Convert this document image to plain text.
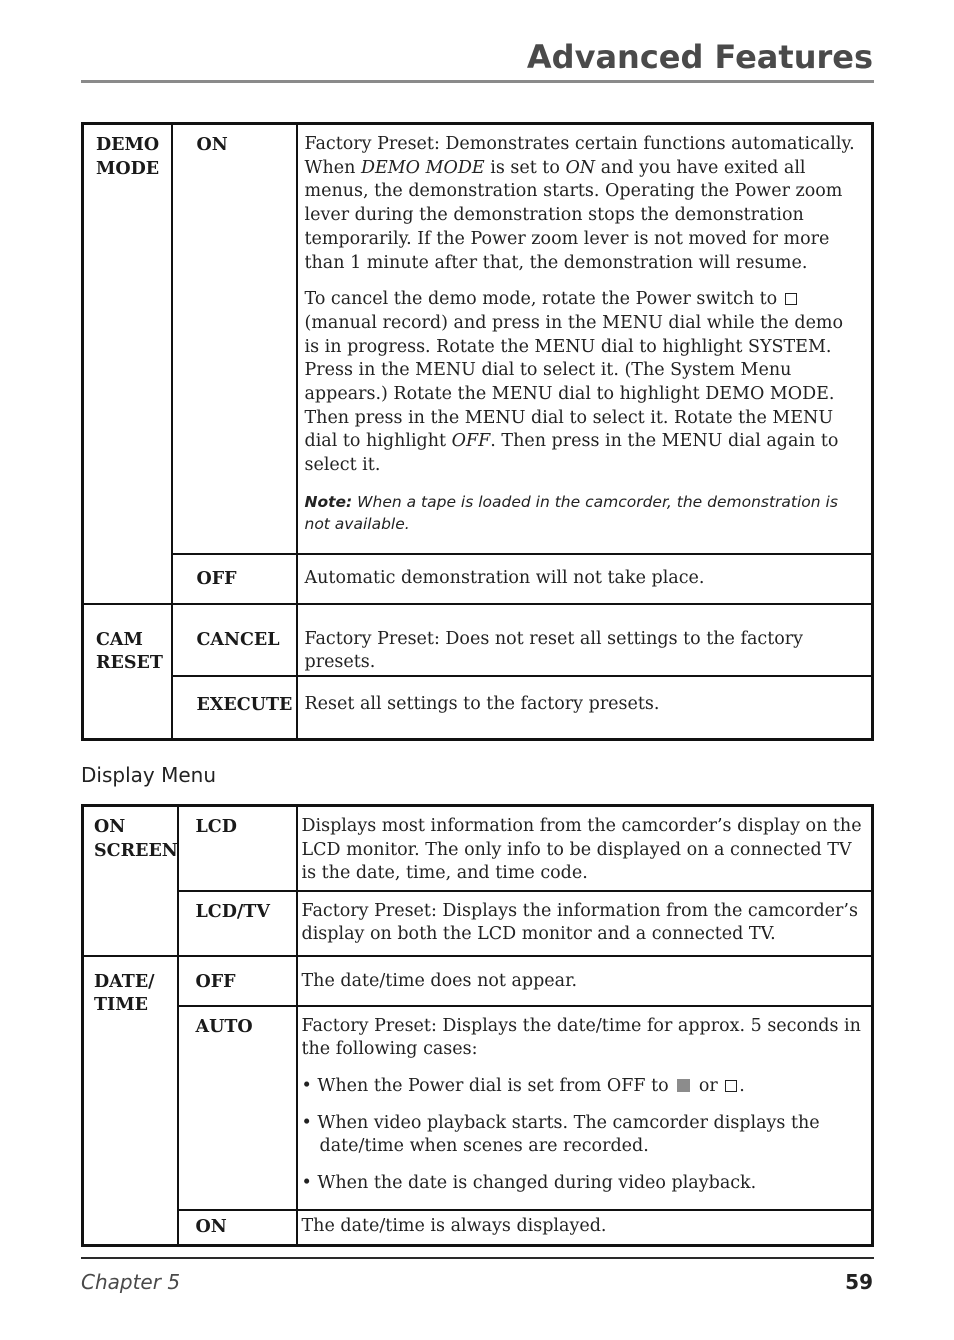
Advanced Features
DEMO MODE	ON	Factory Preset: Demonstrates certain functions automatically. When DEMO MODE is set to ON and you have exited all menus, the demonstration starts. Operating the Power zoom lever during the demonstration stops the demonstration temporarily. If the Power zoom lever is not moved for more than 1 minute after that, the demonstration will resume.

To cancel the demo mode, rotate the Power switch to  (manual record) and press in the MENU dial while the demo is in progress. Rotate the MENU dial to highlight SYSTEM. Press in the MENU dial to select it. (The System Menu appears.) Rotate the MENU dial to highlight DEMO MODE. Then press in the MENU dial to select it. Rotate the MENU dial to highlight OFF. Then press in the MENU dial again to select it.

Note: When a tape is loaded in the camcorder, the demonstration is not available.

	OFF	Automatic demonstration will not take place.
CAM RESET	CANCEL	Factory Preset: Does not reset all settings to the factory presets.
	EXECUTE	Reset all settings to the factory presets.
Display Menu
ON SCREEN	LCD	Displays most information from the camcorder’s display on the LCD monitor. The only info to be displayed on a connected TV is the date, time, and time code.
	LCD/TV	Factory Preset: Displays the information from the camcorder’s display on both the LCD monitor and a connected TV.
DATE/ TIME	OFF	The date/time does not appear.
	AUTO	Factory Preset: Displays the date/time for approx. 5 seconds in the following cases:

• When the Power dial is set from OFF to  or .

• When video playback starts. The camcorder displays the date/time when scenes are recorded.

• When the date is changed during video playback.

	ON	The date/time is always displayed.
Chapter 5	59
